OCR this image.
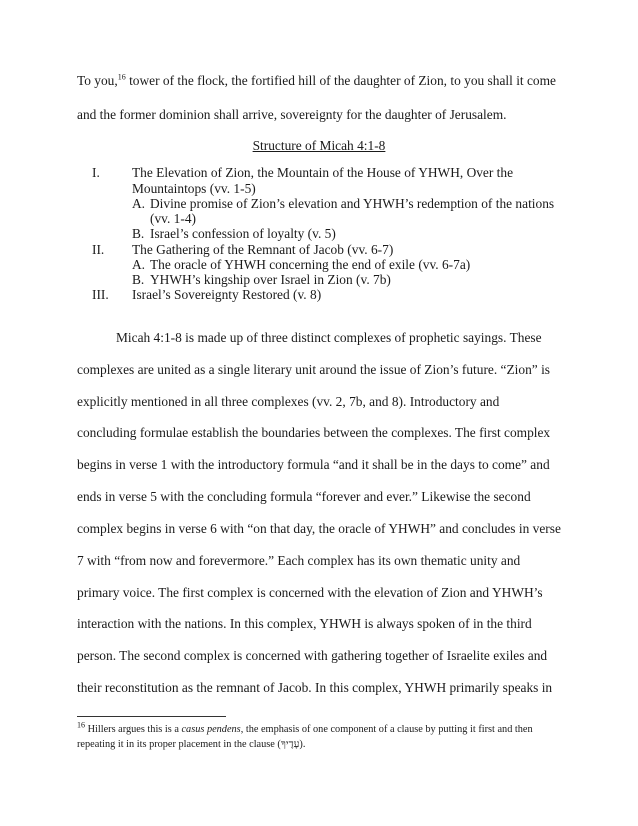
To you,$^{16}$ tower of the flock, the fortified hill of the daughter of Zion, to you shall it come
and the former dominion shall arrive, sovereignty for the daughter of Jerusalem.
Structure of Micah 4:1-8
I. The Elevation of Zion, the Mountain of the House of YHWH, Over the
Mountaintops (vv. 1-5)
A. Divine promise of Zion’s elevation and YHWH’s redemption of the nations
(vv. 1-4)
B. Israel’s confession of loyalty (v. 5)
II. The Gathering of the Remnant of Jacob (vv. 6-7)
A. The oracle of YHWH concerning the end of exile (vv. 6-7a)
B. YHWH’s kingship over Israel in Zion (v. 7b)
III. Israel’s Sovereignty Restored (v. 8)
Micah 4:1-8 is made up of three distinct complexes of prophetic sayings. These
complexes are united as a single literary unit around the issue of Zion’s future. “Zion” is
explicitly mentioned in all three complexes (vv. 2, 7b, and 8). Introductory and
concluding formulae establish the boundaries between the complexes. The first complex
begins in verse 1 with the introductory formula “and it shall be in the days to come” and
ends in verse 5 with the concluding formula “forever and ever.” Likewise the second
complex begins in verse 6 with “on that day, the oracle of YHWH” and concludes in verse
7 with “from now and forevermore.” Each complex has its own thematic unity and
primary voice. The first complex is concerned with the elevation of Zion and YHWH’s
interaction with the nations. In this complex, YHWH is always spoken of in the third
person. The second complex is concerned with gathering together of Israelite exiles and
$^{16}$ Hillers argues this is a casus pendens, the emphasis of one component of a clause by putting it first and then
repeating it in its proper placement in the clause (עָדֶיךָ).
their reconstitution as the remnant of Jacob. In this complex, YHWH primarily speaks in
